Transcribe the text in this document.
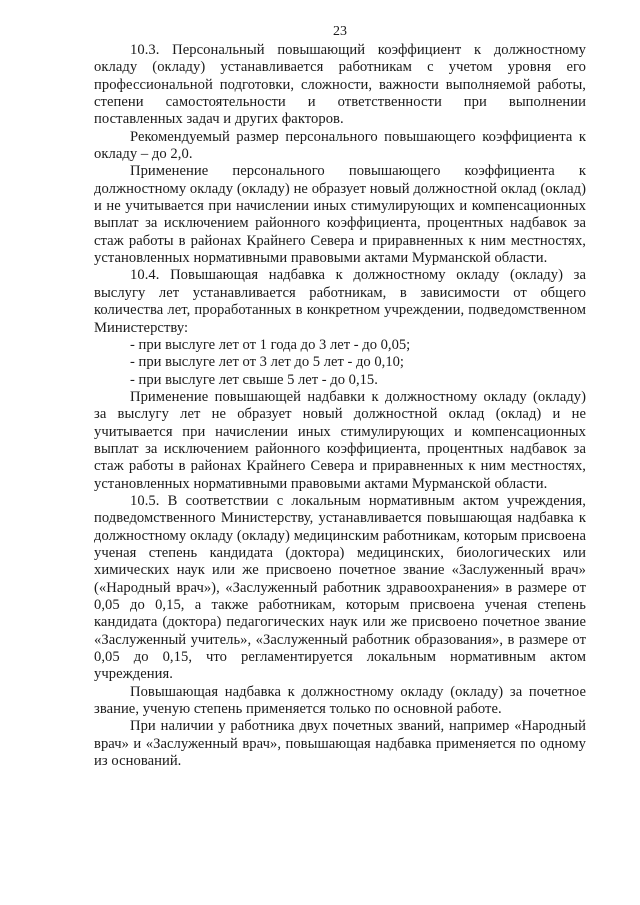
23

10.3. Персональный повышающий коэффициент к должностному окладу (окладу) устанавливается работникам с учетом уровня его профессиональной подготовки, сложности, важности выполняемой работы, степени самостоятельности и ответственности при выполнении поставленных задач и других факторов.

Рекомендуемый размер персонального повышающего коэффициента к окладу – до 2,0.

Применение персонального повышающего коэффициента к должностному окладу (окладу) не образует новый должностной оклад (оклад) и не учитывается при начислении иных стимулирующих и компенсационных выплат за исключением районного коэффициента, процентных надбавок за стаж работы в районах Крайнего Севера и приравненных к ним местностях, установленных нормативными правовыми актами Мурманской области.

10.4. Повышающая надбавка к должностному окладу (окладу) за выслугу лет устанавливается работникам, в зависимости от общего количества лет, проработанных в конкретном учреждении, подведомственном Министерству:

- при выслуге лет от 1 года до 3 лет - до 0,05;

- при выслуге лет от 3 лет до 5 лет - до 0,10;

- при выслуге лет свыше 5 лет - до 0,15.

Применение повышающей надбавки к должностному окладу (окладу) за выслугу лет не образует новый должностной оклад (оклад) и не учитывается при начислении иных стимулирующих и компенсационных выплат за исключением районного коэффициента, процентных надбавок за стаж работы в районах Крайнего Севера и приравненных к ним местностях, установленных нормативными правовыми актами Мурманской области.

10.5. В соответствии с локальным нормативным актом учреждения, подведомственного Министерству, устанавливается повышающая надбавка к должностному окладу (окладу) медицинским работникам, которым присвоена ученая степень кандидата (доктора) медицинских, биологических или химических наук или же присвоено почетное звание «Заслуженный врач» («Народный врач»), «Заслуженный работник здравоохранения» в размере от 0,05 до 0,15, а также работникам, которым присвоена ученая степень кандидата (доктора) педагогических наук или же присвоено почетное звание «Заслуженный учитель», «Заслуженный работник образования», в размере от 0,05 до 0,15, что регламентируется локальным нормативным актом учреждения.

Повышающая надбавка к должностному окладу (окладу) за почетное звание, ученую степень применяется только по основной работе.

При наличии у работника двух почетных званий, например «Народный врач» и «Заслуженный врач», повышающая надбавка применяется по одному из оснований.
